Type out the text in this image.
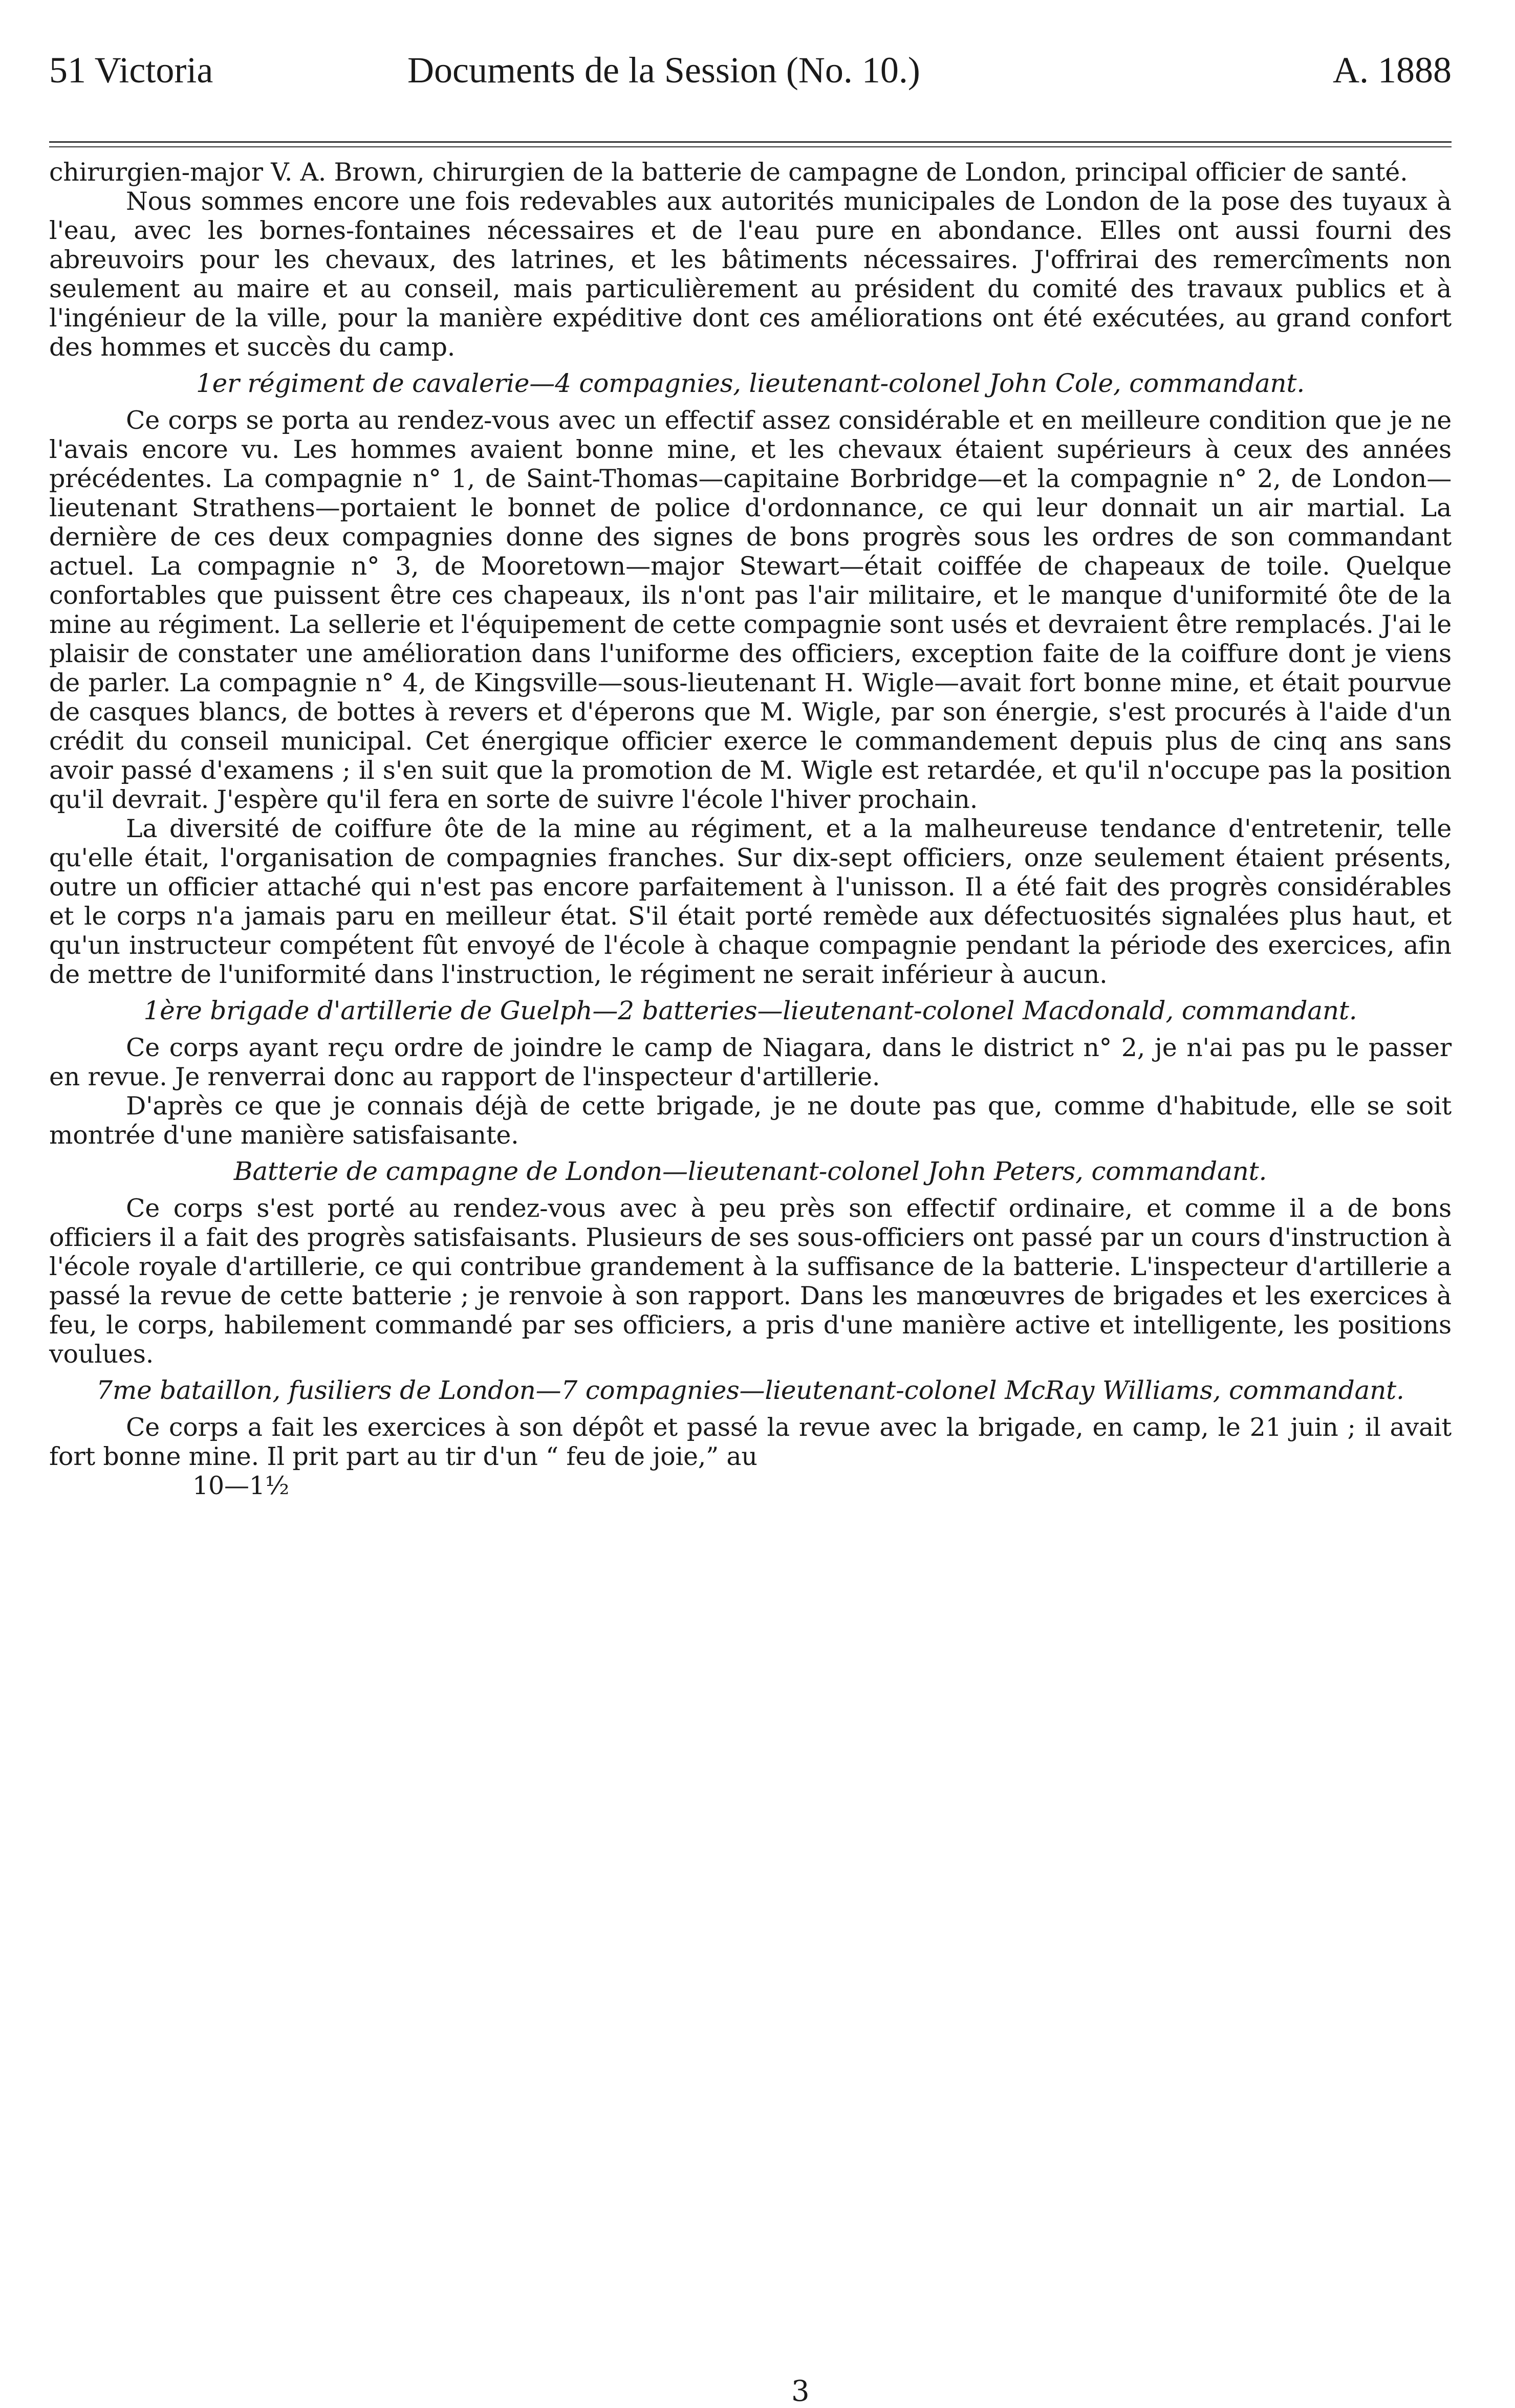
51 Victoria	Documents de la Session (No. 10.)	A. 1888

chirurgien-major V. A. Brown, chirurgien de la batterie de campagne de London, principal officier de santé.

Nous sommes encore une fois redevables aux autorités municipales de London de la pose des tuyaux à l'eau, avec les bornes-fontaines nécessaires et de l'eau pure en abondance. Elles ont aussi fourni des abreuvoirs pour les chevaux, des latrines, et les bâtiments nécessaires. J'offrirai des remercîments non seulement au maire et au conseil, mais particulièrement au président du comité des travaux publics et à l'ingénieur de la ville, pour la manière expéditive dont ces améliorations ont été exécutées, au grand confort des hommes et succès du camp.

1er régiment de cavalerie—4 compagnies, lieutenant-colonel John Cole, commandant.

Ce corps se porta au rendez-vous avec un effectif assez considérable et en meilleure condition que je ne l'avais encore vu. Les hommes avaient bonne mine, et les chevaux étaient supérieurs à ceux des années précédentes. La compagnie n° 1, de Saint-Thomas—capitaine Borbridge—et la compagnie n° 2, de London—lieutenant Strathens—portaient le bonnet de police d'ordonnance, ce qui leur donnait un air martial. La dernière de ces deux compagnies donne des signes de bons progrès sous les ordres de son commandant actuel. La compagnie n° 3, de Mooretown—major Stewart—était coiffée de chapeaux de toile. Quelque confortables que puissent être ces chapeaux, ils n'ont pas l'air militaire, et le manque d'uniformité ôte de la mine au régiment. La sellerie et l'équipement de cette compagnie sont usés et devraient être remplacés. J'ai le plaisir de constater une amélioration dans l'uniforme des officiers, exception faite de la coiffure dont je viens de parler. La compagnie n° 4, de Kingsville—sous-lieutenant H. Wigle—avait fort bonne mine, et était pourvue de casques blancs, de bottes à revers et d'éperons que M. Wigle, par son énergie, s'est procurés à l'aide d'un crédit du conseil municipal. Cet énergique officier exerce le commandement depuis plus de cinq ans sans avoir passé d'examens ; il s'en suit que la promotion de M. Wigle est retardée, et qu'il n'occupe pas la position qu'il devrait. J'espère qu'il fera en sorte de suivre l'école l'hiver prochain.

La diversité de coiffure ôte de la mine au régiment, et a la malheureuse tendance d'entretenir, telle qu'elle était, l'organisation de compagnies franches. Sur dix-sept officiers, onze seulement étaient présents, outre un officier attaché qui n'est pas encore parfaitement à l'unisson. Il a été fait des progrès considérables et le corps n'a jamais paru en meilleur état. S'il était porté remède aux défectuosités signalées plus haut, et qu'un instructeur compétent fût envoyé de l'école à chaque compagnie pendant la période des exercices, afin de mettre de l'uniformité dans l'instruction, le régiment ne serait inférieur à aucun.

1ère brigade d'artillerie de Guelph—2 batteries—lieutenant-colonel Macdonald, commandant.

Ce corps ayant reçu ordre de joindre le camp de Niagara, dans le district n° 2, je n'ai pas pu le passer en revue. Je renverrai donc au rapport de l'inspecteur d'artillerie.

D'après ce que je connais déjà de cette brigade, je ne doute pas que, comme d'habitude, elle se soit montrée d'une manière satisfaisante.

Batterie de campagne de London—lieutenant-colonel John Peters, commandant.

Ce corps s'est porté au rendez-vous avec à peu près son effectif ordinaire, et comme il a de bons officiers il a fait des progrès satisfaisants. Plusieurs de ses sous-officiers ont passé par un cours d'instruction à l'école royale d'artillerie, ce qui contribue grandement à la suffisance de la batterie. L'inspecteur d'artillerie a passé la revue de cette batterie ; je renvoie à son rapport. Dans les manœuvres de brigades et les exercices à feu, le corps, habilement commandé par ses officiers, a pris d'une manière active et intelligente, les positions voulues.

7me bataillon, fusiliers de London—7 compagnies—lieutenant-colonel McRay Williams, commandant.

Ce corps a fait les exercices à son dépôt et passé la revue avec la brigade, en camp, le 21 juin ; il avait fort bonne mine. Il prit part au tir d'un “ feu de joie,” au

10—1½
3
